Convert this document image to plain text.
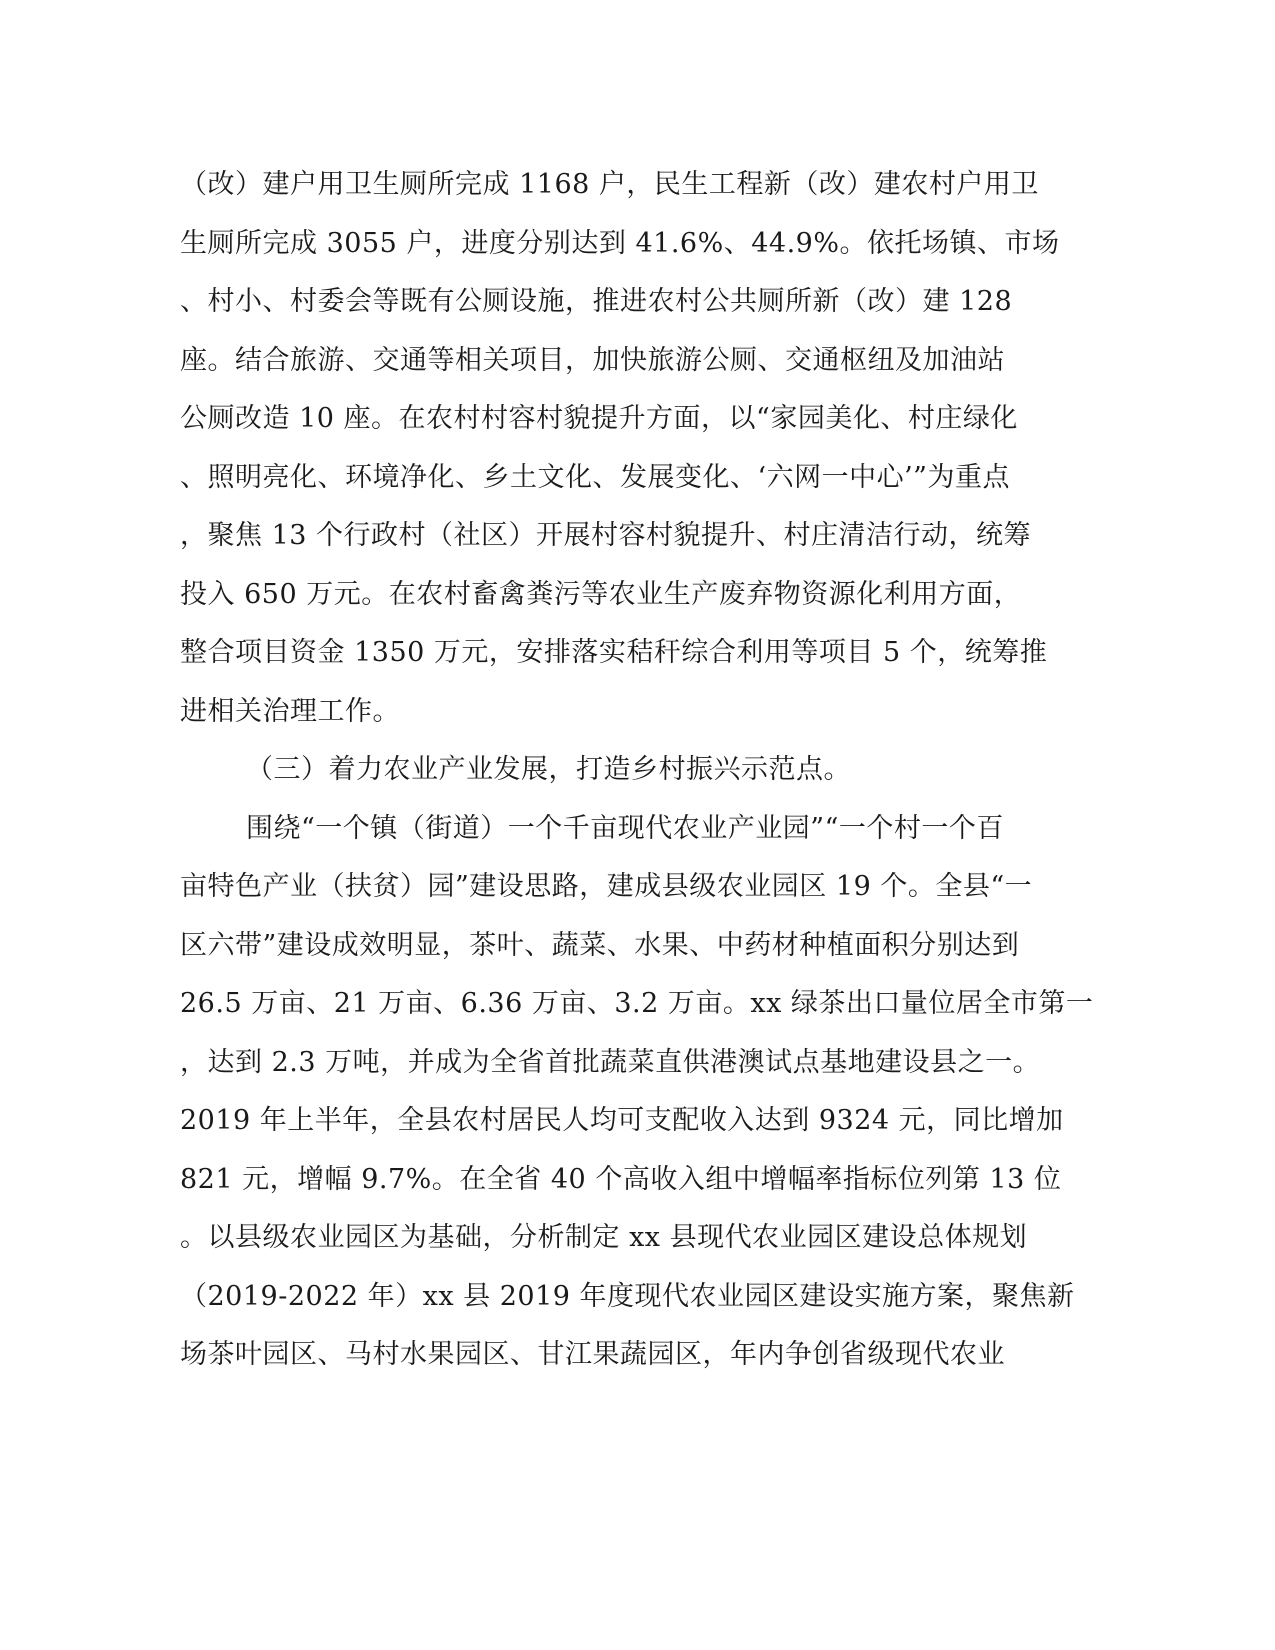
（改）建户用卫生厕所完成 1168 户，民生工程新（改）建农村户用卫
生厕所完成 3055 户，进度分别达到 41.6%、44.9%。依托场镇、市场
、村小、村委会等既有公厕设施，推进农村公共厕所新（改）建 128
座。结合旅游、交通等相关项目，加快旅游公厕、交通枢纽及加油站
公厕改造 10 座。在农村村容村貌提升方面，以“家园美化、村庄绿化
、照明亮化、环境净化、乡土文化、发展变化、‘六网一中心’”为重点
，聚焦 13 个行政村（社区）开展村容村貌提升、村庄清洁行动，统筹
投入 650 万元。在农村畜禽粪污等农业生产废弃物资源化利用方面，
整合项目资金 1350 万元，安排落实秸秆综合利用等项目 5 个，统筹推
进相关治理工作。
（三）着力农业产业发展，打造乡村振兴示范点。
围绕“一个镇（街道）一个千亩现代农业产业园”“一个村一个百
亩特色产业（扶贫）园”建设思路，建成县级农业园区 19 个。全县“一
区六带”建设成效明显，茶叶、蔬菜、水果、中药材种植面积分别达到
26.5 万亩、21 万亩、6.36 万亩、3.2 万亩。xx 绿茶出口量位居全市第一
，达到 2.3 万吨，并成为全省首批蔬菜直供港澳试点基地建设县之一。
2019 年上半年，全县农村居民人均可支配收入达到 9324 元，同比增加
821 元，增幅 9.7%。在全省 40 个高收入组中增幅率指标位列第 13 位
。以县级农业园区为基础，分析制定 xx 县现代农业园区建设总体规划
（2019-2022 年）xx 县 2019 年度现代农业园区建设实施方案，聚焦新
场茶叶园区、马村水果园区、甘江果蔬园区，年内争创省级现代农业
